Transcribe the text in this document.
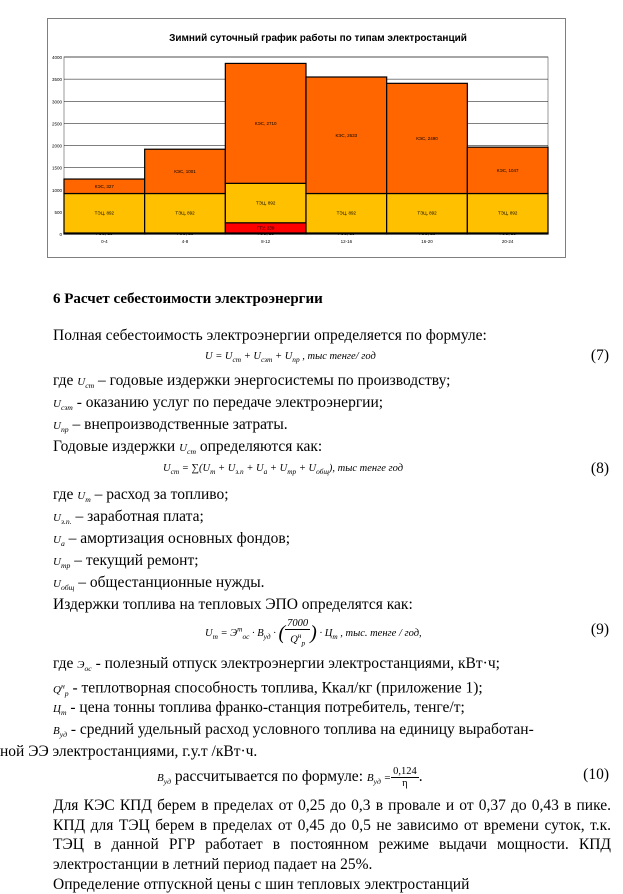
Зимний суточный график работы по типам электростанций
0
500
1000
1500
2000
2500
3000
3500
4000
ТЭЦ, 892
КЭС, 327
0-4
ТЭЦ, 892
КЭС, 1001
4-8
ГТУ, 230
ТЭЦ, 892
КЭС, 2710
8-12
ТЭЦ, 892
КЭС, 2633
12-16
ТЭЦ, 892
КЭС, 2490
16-20
ТЭЦ, 892
КЭС, 1047
20-24
6 Расчет себестоимости электроэнергии
Полная себестоимость электроэнергии определяется по формуле:
$U = U_{ст} + U_{сзт} + U_{пр}$ , тыс тенге/ год	(7)
где $U_{ст}$ – годовые издержки энергосистемы по производству;
$U_{сзт}$ - оказанию услуг по передаче электроэнергии;
$U_{пр}$ – внепроизводственные затраты.
Годовые издержки $U_{ст}$ определяются как:
$U_{ст} = \sum(U_т + U_{з.п} + U_а + U_{тр} + U_{общ})$, тыс тенге год	(8)
где $U_т$ – расход за топливо;
$U_{з.п.}$ – заработная плата;
$U_а$ – амортизация основных фондов;
$U_{тр}$ – текущий ремонт;
$U_{общ}$ – общестанционные нужды.
Издержки топлива на тепловых ЭПО определятся как:
$U_т = Э^т_{ос} \cdot B_{уд}$ · ( $\frac{7000}{Q^н_р}$ ) · $Ц_т$ , тыс. тенге / год,	(9)
где $Э_{ос}$ - полезный отпуск электроэнергии электростанциями, кВт·ч;
$Q^н_р$ - теплотворная способность топлива, Ккал/кг (приложение 1);
$Ц_т$ - цена тонны топлива франко-станция потребитель, тенге/т;
$B_{уд}$ - средний удельный расход условного топлива на единицу выработан-
ной ЭЭ электростанциями, г.у.т /кВт·ч.
$B_{уд}$ рассчитывается по формуле: $B_{уд} = \frac{0,124}{\eta}$ .	(10)
Для КЭС КПД берем в пределах от 0,25 до 0,3 в провале и от 0,37 до 0,43 в пике. КПД для ТЭЦ берем в пределах от 0,45 до 0,5 не зависимо от времени суток, т.к. ТЭЦ в данной РГР работает в постоянном режиме выдачи мощности. КПД электростанции в летний период падает на 25%.
Определение отпускной цены с шин тепловых электростанций
